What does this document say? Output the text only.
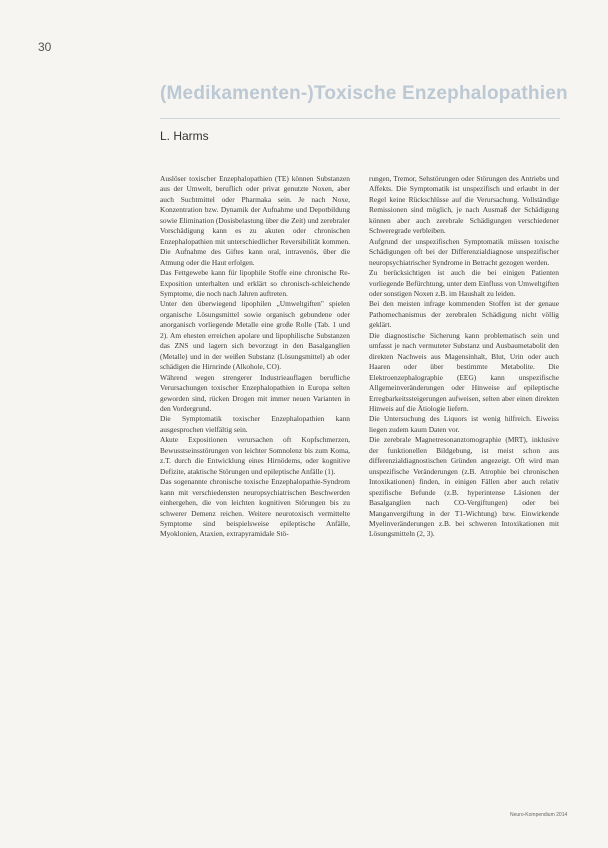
30
(Medikamenten-)Toxische Enzephalopathien
L. Harms

Auslöser toxischer Enzephalopathien (TE) können Substanzen aus der Umwelt, beruflich oder privat genutzte Noxen, aber auch Suchtmittel oder Pharmaka sein. Je nach Noxe, Konzentration bzw. Dynamik der Aufnahme und Depotbildung sowie Elimination (Dosisbelastung über die Zeit) und zerebraler Vorschädigung kann es zu akuten oder chronischen Enzephalopathien mit unterschiedlicher Reversibilität kommen. Die Aufnahme des Giftes kann oral, intravenös, über die Atmung oder die Haut erfolgen.

Das Fettgewebe kann für lipophile Stoffe eine chronische Re-Exposition unterhalten und erklärt so chronisch-schleichende Symptome, die noch nach Jahren auftreten.

Unter den überwiegend lipophilen „Umweltgiften" spielen organische Lösungsmittel sowie organisch gebundene oder anorganisch vorliegende Metalle eine große Rolle (Tab. 1 und 2). Am ehesten erreichen apolare und lipophilische Substanzen das ZNS und lagern sich bevorzugt in den Basalganglien (Metalle) und in der weißen Substanz (Lösungsmittel) ab oder schädigen die Hirnrinde (Alkohole, CO).

Während wegen strengerer Industrieauflagen berufliche Verursachungen toxischer Enzephalopathien in Europa selten geworden sind, rücken Drogen mit immer neuen Varianten in den Vordergrund.

Die Symptomatik toxischer Enzephalopathien kann ausgesprochen vielfältig sein.

Akute Expositionen verursachen oft Kopfschmerzen, Bewusstseinsstörungen von leichter Somnolenz bis zum Koma, z.T. durch die Entwicklung eines Hirnödems, oder kognitive Defizite, ataktische Störungen und epileptische Anfälle (1).

Das sogenannte chronische toxische Enzephalopathie-Syndrom kann mit verschiedensten neuropsychiatrischen Beschwerden einhergehen, die von leichten kognitiven Störungen bis zu schwerer Demenz reichen. Weitere neurotoxisch vermittelte Symptome sind beispielsweise epileptische Anfälle, Myoklonien, Ataxien, extrapyramidale Stö-

rungen, Tremor, Sehstörungen oder Störungen des Antriebs und Affekts. Die Symptomatik ist unspezifisch und erlaubt in der Regel keine Rückschlüsse auf die Verursachung. Vollständige Remissionen sind möglich, je nach Ausmaß der Schädigung können aber auch zerebrale Schädigungen verschiedener Schweregrade verbleiben.

Aufgrund der unspezifischen Symptomatik müssen toxische Schädigungen oft bei der Differenzialdiagnose unspezifischer neuropsychiatrischer Syndrome in Betracht gezogen werden.

Zu berücksichtigen ist auch die bei einigen Patienten vorliegende Befürchtung, unter dem Einfluss von Umweltgiften oder sonstigen Noxen z.B. im Haushalt zu leiden.

Bei den meisten infrage kommenden Stoffen ist der genaue Pathomechanismus der zerebralen Schädigung nicht völlig geklärt.

Die diagnostische Sicherung kann problematisch sein und umfasst je nach vermuteter Substanz und Ausbaumetabolit den direkten Nachweis aus Magensinhalt, Blut, Urin oder auch Haaren oder über bestimmte Metabolite. Die Elektroenzephalographie (EEG) kann unspezifische Allgemeinveränderungen oder Hinweise auf epileptische Erregbarkeitssteigerungen aufweisen, selten aber einen direkten Hinweis auf die Ätiologie liefern.

Die Untersuchung des Liquors ist wenig hilfreich. Eiweiss liegen zudem kaum Daten vor.

Die zerebrale Magnetresonanztomographie (MRT), inklusive der funktionellen Bildgebung, ist meist schon aus differenzialdiagnostischen Gründen angezeigt. Oft wird man unspezifische Veränderungen (z.B. Atrophie bei chronischen Intoxikationen) finden, in einigen Fällen aber auch relativ spezifische Befunde (z.B. hyperintense Läsionen der Basalganglien nach CO-Vergiftungen) oder bei Manganvergiftung in der T1-Wichtung) bzw. Einwirkende Myelinveränderungen z.B. bei schweren Intoxikationen mit Lösungsmitteln (2, 3).

Neuro-Kompendium 2014
